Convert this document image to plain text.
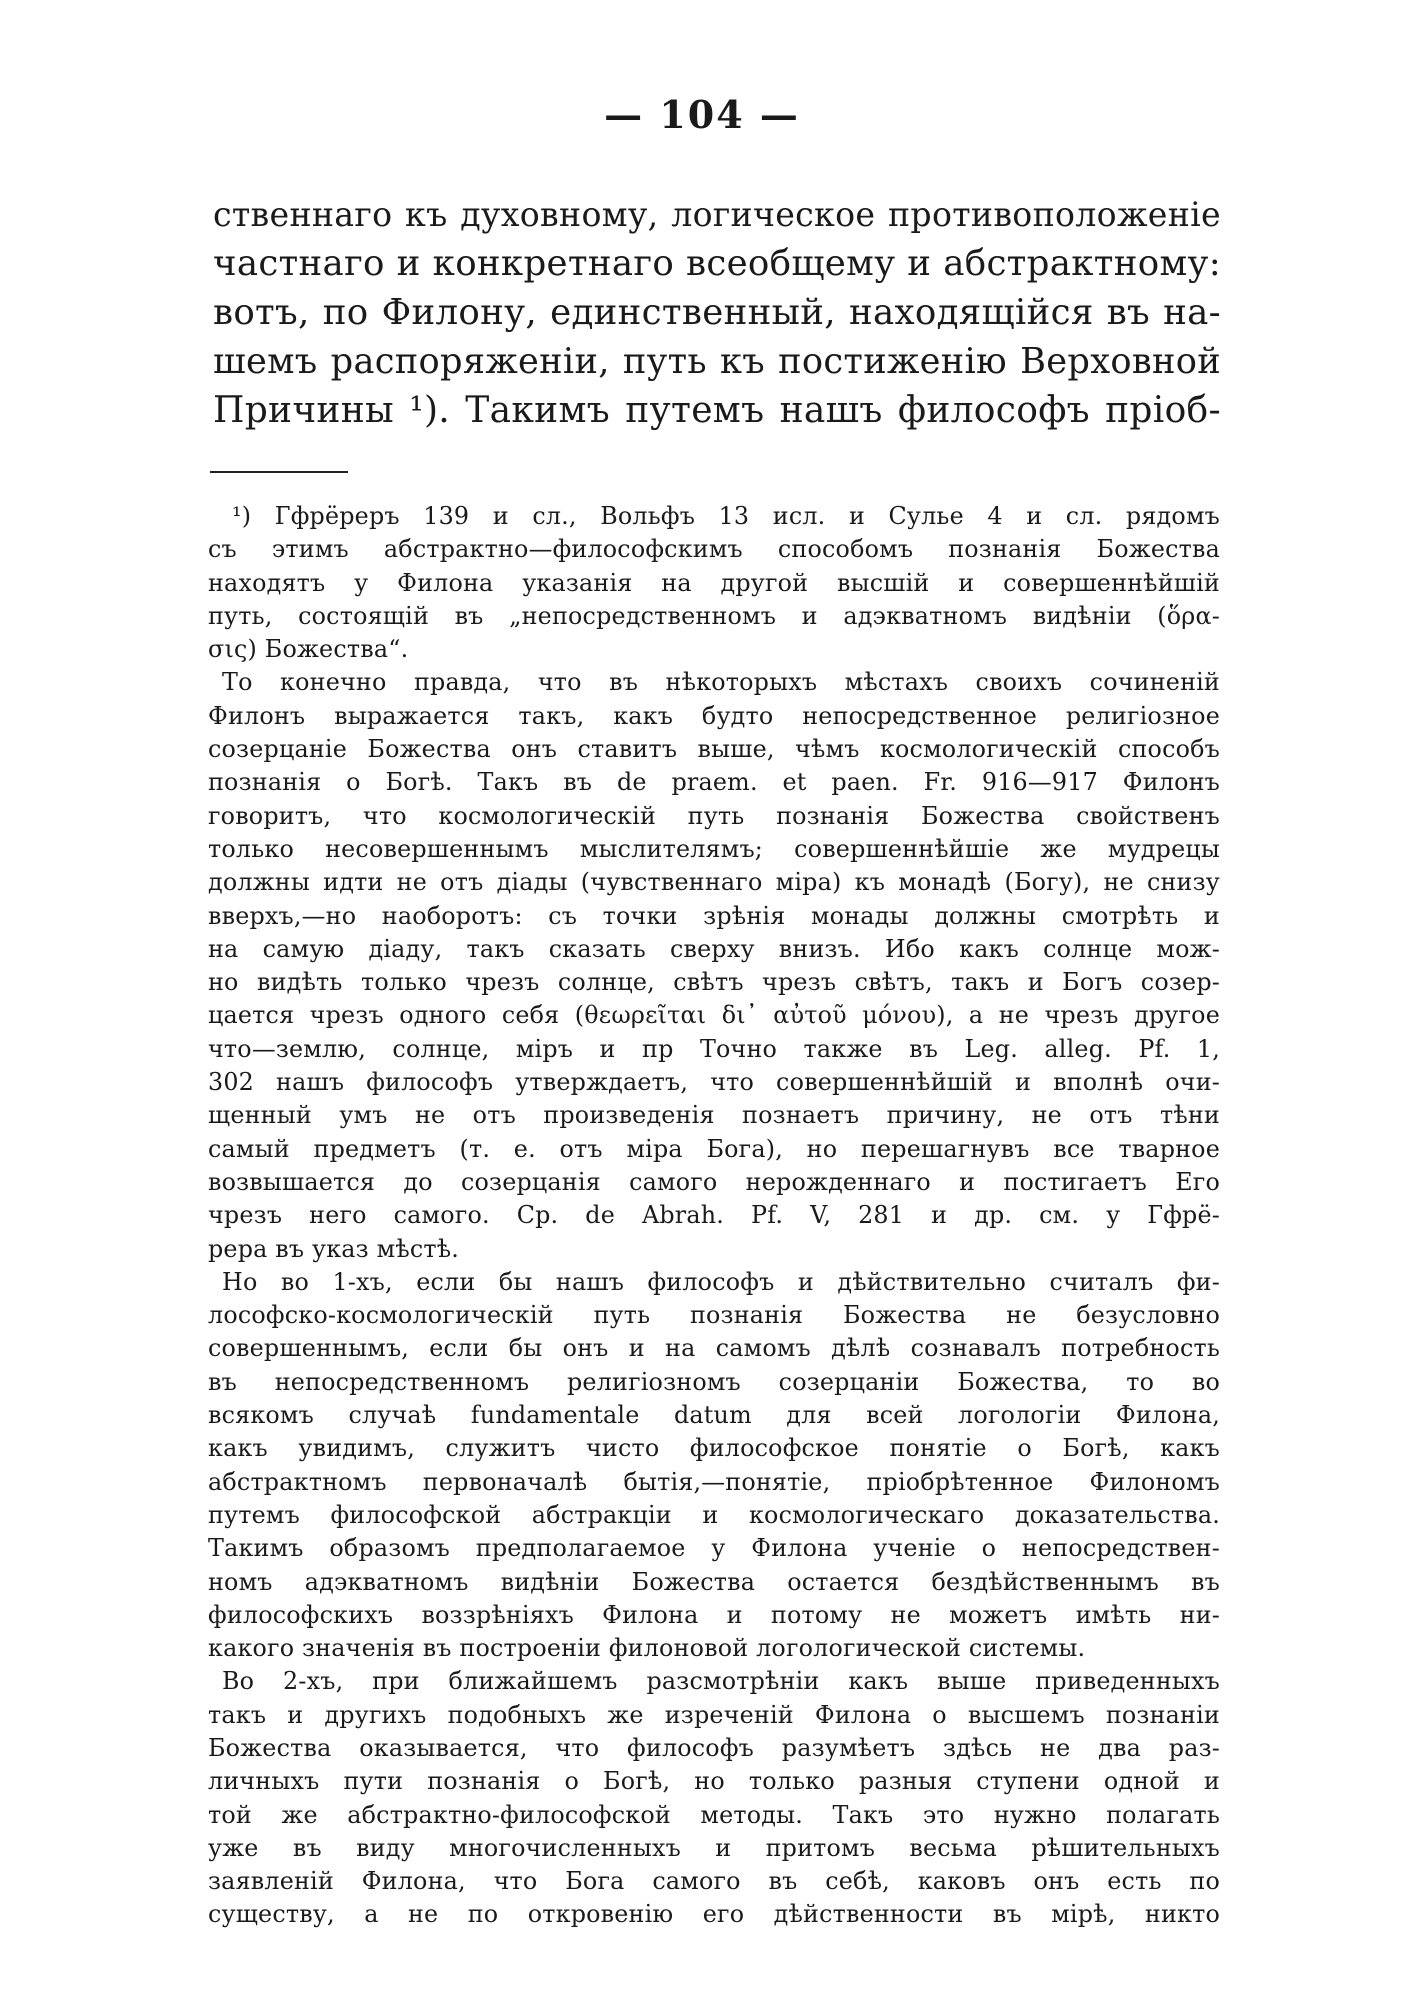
— 104 —
ственнаго къ духовному, логическое противоположеніе
частнаго и конкретнаго всеобщему и абстрактному:
вотъ, по Филону, единственный, находящійся въ на-
шемъ распоряженіи, путь къ постиженію Верховной
Причины ¹). Такимъ путемъ нашъ философъ пріоб-
¹) Гфрёреръ 139 и сл., Вольфъ 13 исл. и Сулье 4 и сл. рядомъ
съ этимъ абстрактно—философскимъ способомъ познанія Божества
находятъ у Филона указанія на другой высшій и совершеннѣйшій
путь, состоящій въ „непосредственномъ и адэкватномъ видѣніи (ὅρα-
σις) Божества“.
То конечно правда, что въ нѣкоторыхъ мѣстахъ своихъ сочиненій
Филонъ выражается такъ, какъ будто непосредственное религіозное
созерцаніе Божества онъ ставитъ выше, чѣмъ космологическій способъ
познанія о Богѣ. Такъ въ de praem. et paen. Fr. 916—917 Филонъ
говоритъ, что космологическій путь познанія Божества свойственъ
только несовершеннымъ мыслителямъ; совершеннѣйшіе же мудрецы
должны идти не отъ діады (чувственнаго міра) къ монадѣ (Богу), не снизу
вверхъ,—но наоборотъ: съ точки зрѣнія монады должны смотрѣть и
на самую діаду, такъ сказать сверху внизъ. Ибо какъ солнце мож-
но видѣть только чрезъ солнце, свѣтъ чрезъ свѣтъ, такъ и Богъ созер-
цается чрезъ одного себя (θεωρεῖται δι᾽ αὐτοῦ μόνου), а не чрезъ другое
что—землю, солнце, міръ и пр Точно также въ Leg. alleg. Pf. 1,
302 нашъ философъ утверждаетъ, что совершеннѣйшій и вполнѣ очи-
щенный умъ не отъ произведенія познаетъ причину, не отъ тѣни
самый предметъ (т. е. отъ міра Бога), но перешагнувъ все тварное
возвышается до созерцанія самого нерожденнаго и постигаетъ Его
чрезъ него самого. Ср. de Abrah. Pf. V, 281 и др. см. у Гфрё-
рера въ указ мѣстѣ.
Но во 1-хъ, если бы нашъ философъ и дѣйствительно считалъ фи-
лософско-космологическій путь познанія Божества не безусловно
совершеннымъ, если бы онъ и на самомъ дѣлѣ сознавалъ потребность
въ непосредственномъ религіозномъ созерцаніи Божества, то во
всякомъ случаѣ fundamentale datum для всей логологіи Филона,
какъ увидимъ, служитъ чисто философское понятіе о Богѣ, какъ
абстрактномъ первоначалѣ бытія,—понятіе, пріобрѣтенное Филономъ
путемъ философской абстракціи и космологическаго доказательства.
Такимъ образомъ предполагаемое у Филона ученіе о непосредствен-
номъ адэкватномъ видѣніи Божества остается бездѣйственнымъ въ
философскихъ воззрѣніяхъ Филона и потому не можетъ имѣть ни-
какого значенія въ построеніи филоновой логологической системы.
Во 2-хъ, при ближайшемъ разсмотрѣніи какъ выше приведенныхъ
такъ и другихъ подобныхъ же изреченій Филона о высшемъ познаніи
Божества оказывается, что философъ разумѣетъ здѣсь не два раз-
личныхъ пути познанія о Богѣ, но только разныя ступени одной и
той же абстрактно-философской методы. Такъ это нужно полагать
уже въ виду многочисленныхъ и притомъ весьма рѣшительныхъ
заявленій Филона, что Бога самого въ себѣ, каковъ онъ есть по
существу, а не по откровенію его дѣйственности въ мірѣ, никто
